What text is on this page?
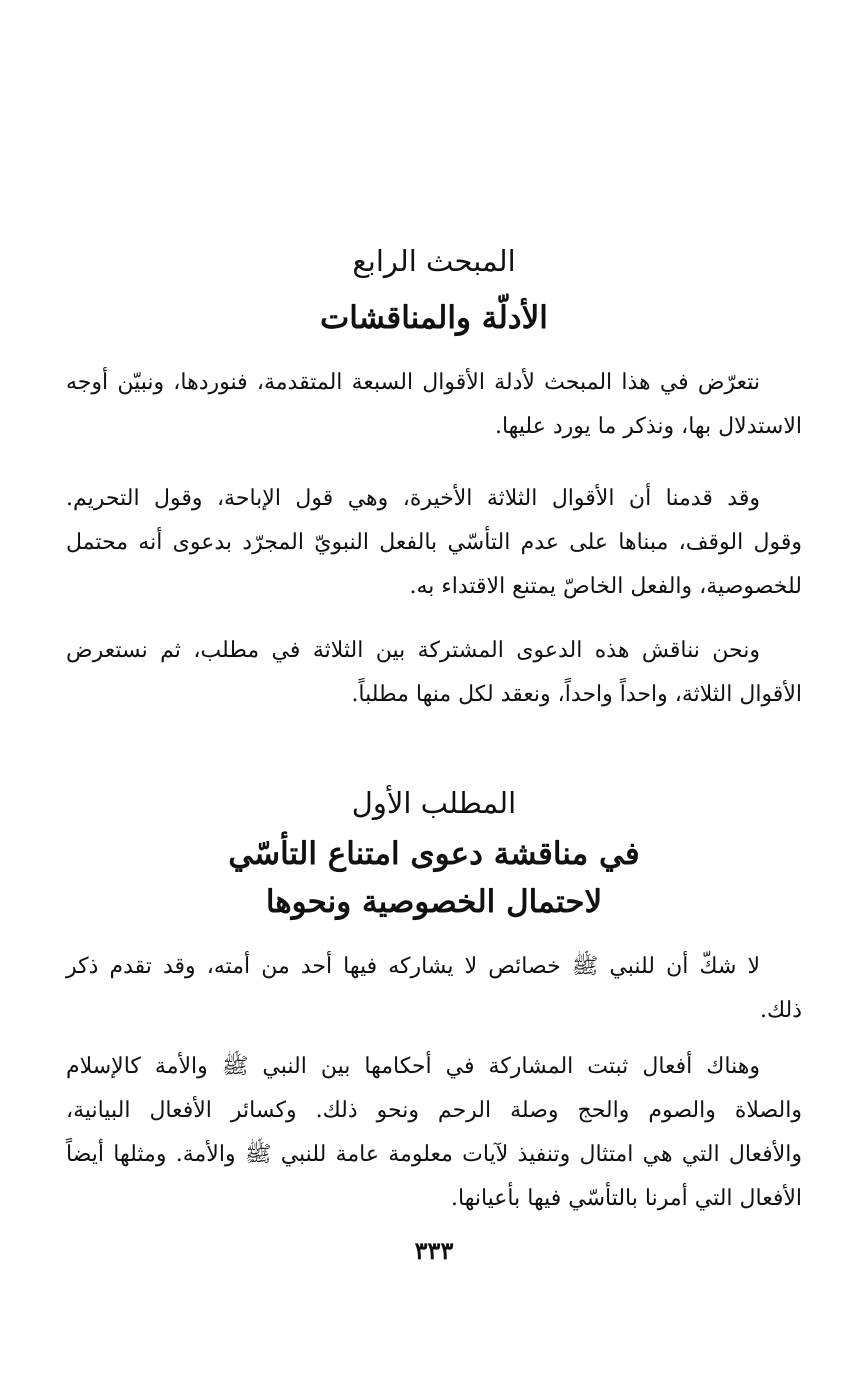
المبحث الرابع
الأدلّة والمناقشات
نتعرّض في هذا المبحث لأدلة الأقوال السبعة المتقدمة، فنوردها، ونبيّن أوجه
الاستدلال بها، ونذكر ما يورد عليها.
وقد قدمنا أن الأقوال الثلاثة الأخيرة، وهي قول الإباحة، وقول التحريم.
وقول الوقف، مبناها على عدم التأسّي بالفعل النبويّ المجرّد بدعوى أنه محتمل
للخصوصية، والفعل الخاصّ يمتنع الاقتداء به.
ونحن نناقش هذه الدعوى المشتركة بين الثلاثة في مطلب، ثم نستعرض
الأقوال الثلاثة، واحداً واحداً، ونعقد لكل منها مطلباً.
المطلب الأول
في مناقشة دعوى امتناع التأسّي
لاحتمال الخصوصية ونحوها
لا شكّ أن للنبي ﷺ خصائص لا يشاركه فيها أحد من أمته، وقد تقدم ذكر
ذلك.
وهناك أفعال ثبتت المشاركة في أحكامها بين النبي ﷺ والأمة كالإسلام
والصلاة والصوم والحج وصلة الرحم ونحو ذلك. وكسائر الأفعال البيانية،
والأفعال التي هي امتثال وتنفيذ لآيات معلومة عامة للنبي ﷺ والأمة. ومثلها أيضاً
الأفعال التي أمرنا بالتأسّي فيها بأعيانها.
٣٣٣
